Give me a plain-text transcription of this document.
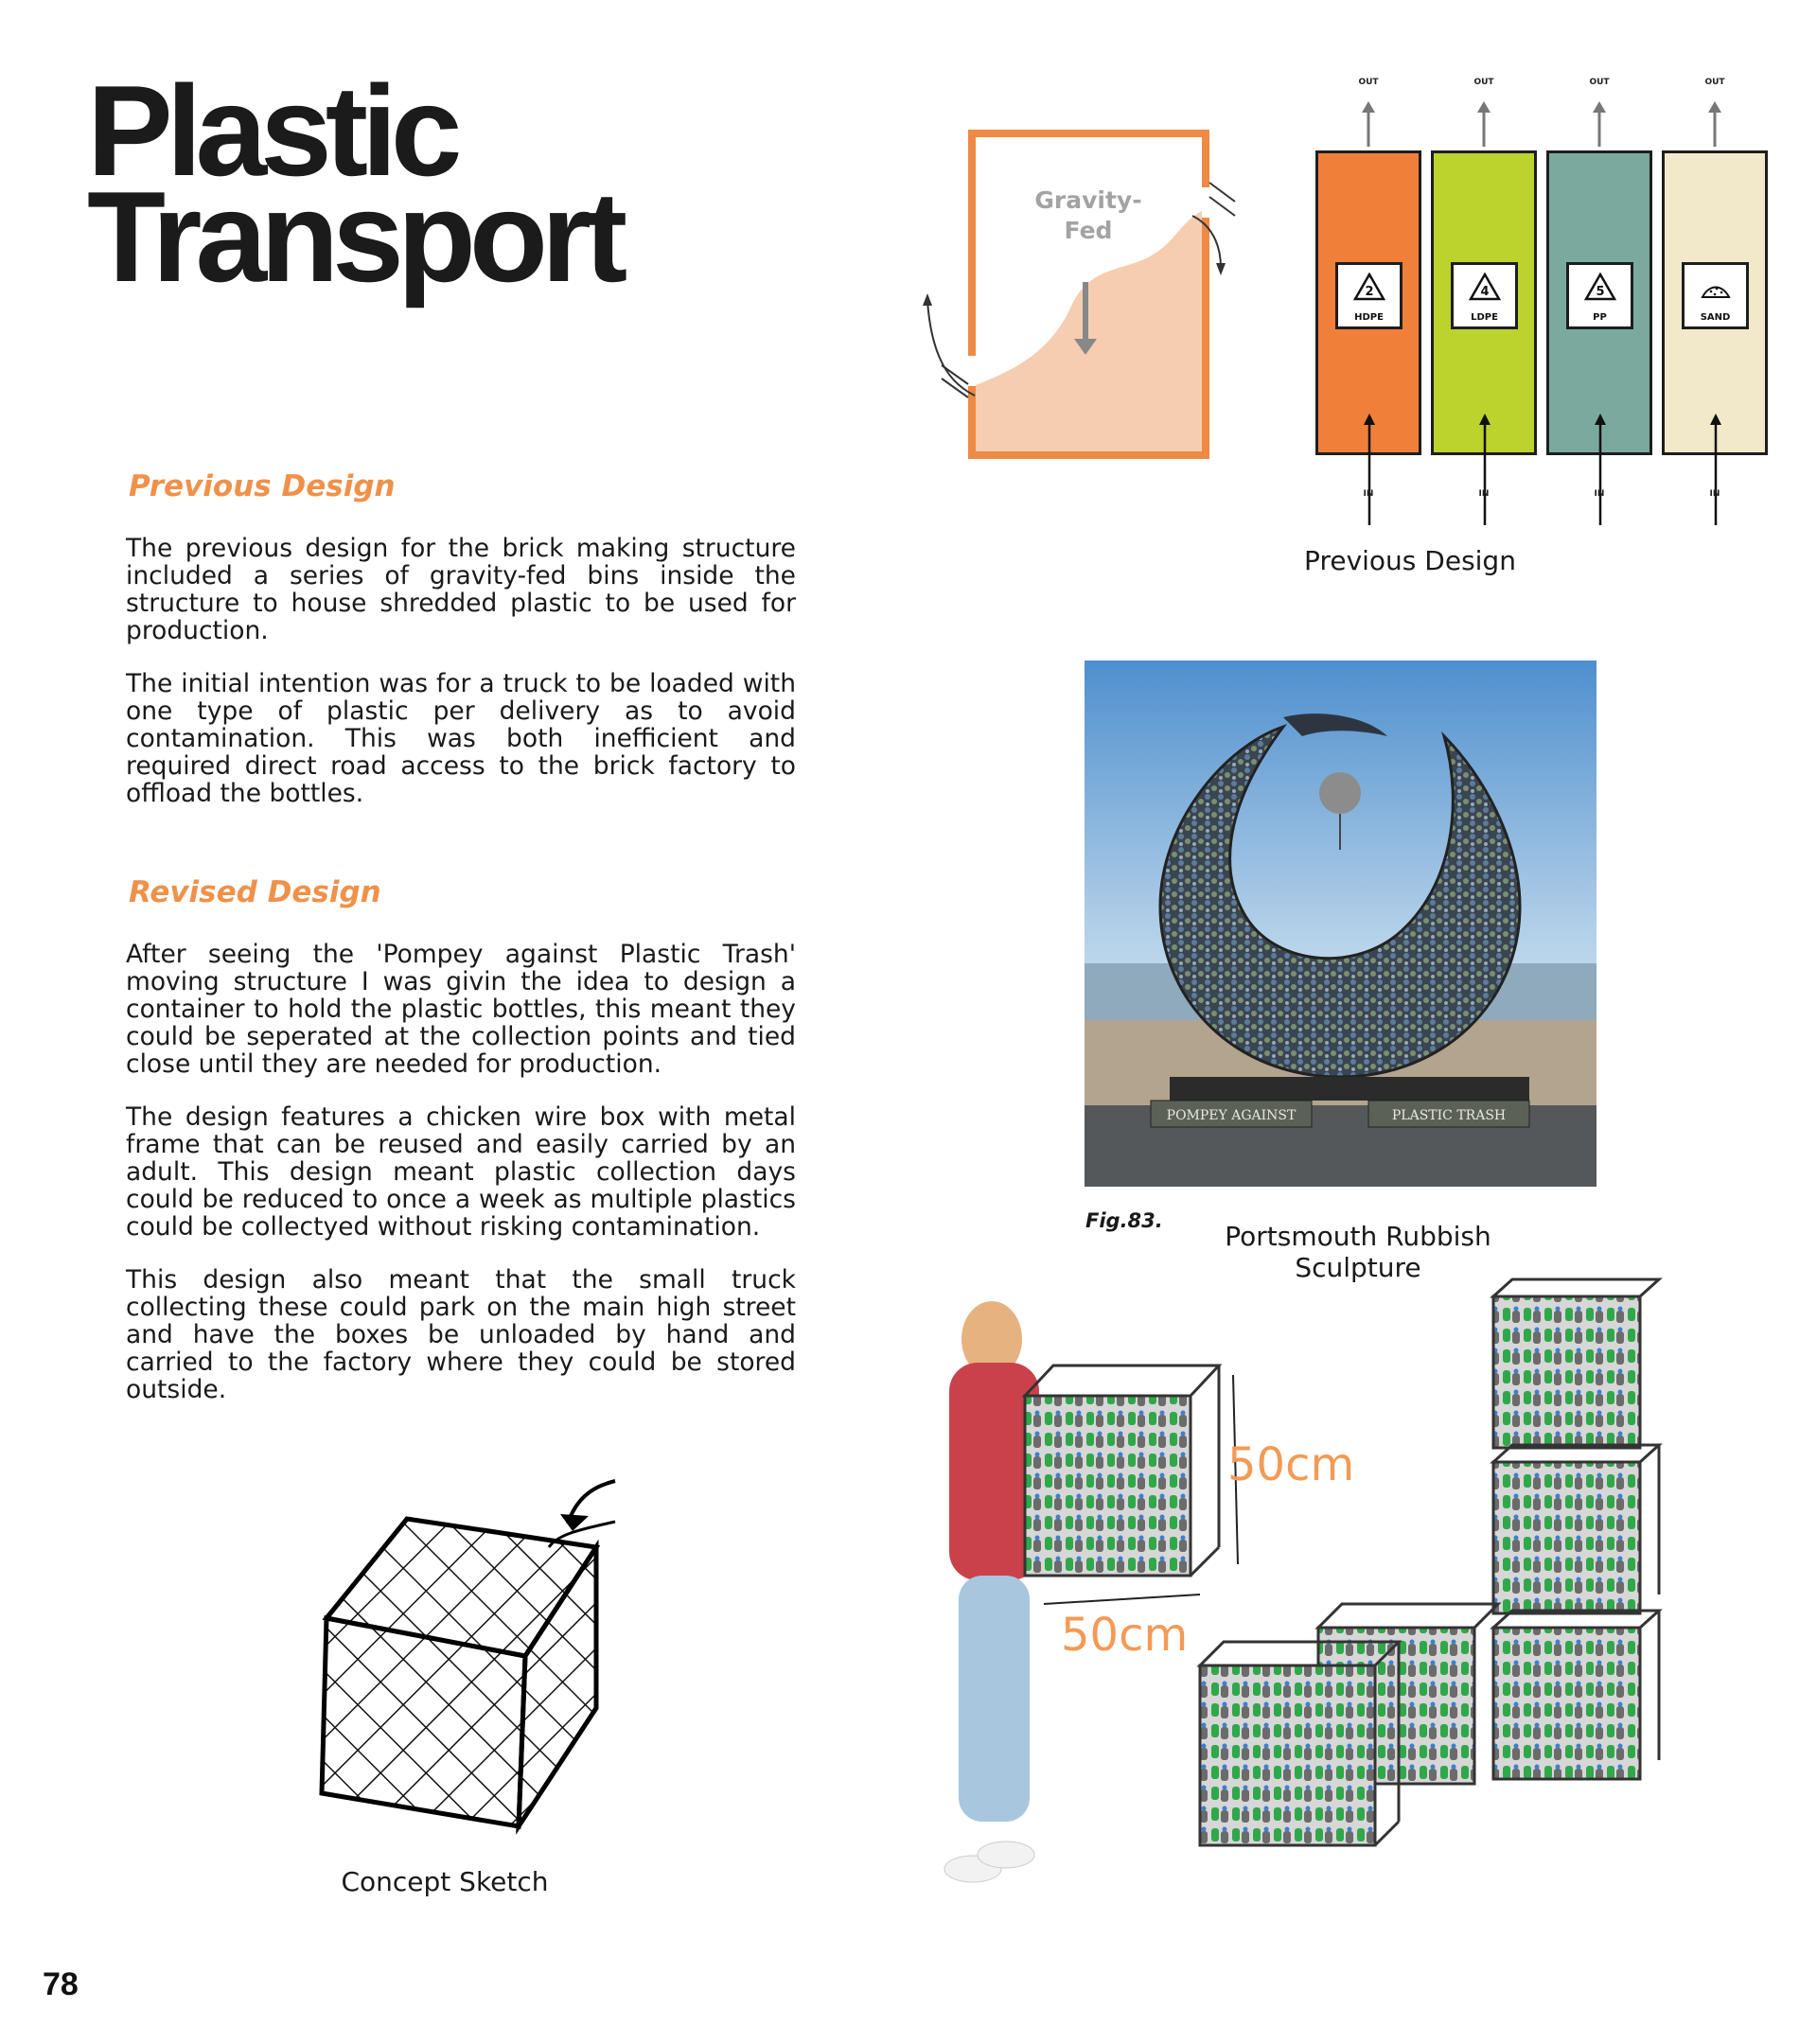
Plastic
Transport
Previous Design

The previous design for the brick making structure included a series of gravity-fed bins inside the structure to house shredded plastic to be used for production.

The initial intention was for a truck to be loaded with one type of plastic per delivery as to avoid contamination. This was both inefficient and required direct road access to the brick factory to offload the bottles.

Revised Design

After seeing the 'Pompey against Plastic Trash' moving structure I was givin the idea to design a container to hold the plastic bottles, this meant they could be seperated at the collection points and tied close until they are needed for production.

The design features a chicken wire box with metal frame that can be reused and easily carried by an adult. This design meant plastic collection days could be reduced to once a week as multiple plastics could be collectyed without risking contamination.

This design also meant that the small truck collecting these could park on the main high street and have the boxes be unloaded by hand and carried to the factory where they could be stored outside.

Gravity-
Fed
OUT
2
HDPE
IN
OUT
4
LDPE
IN
OUT
5
PP
IN
OUT
SAND
IN
Previous Design
POMPEY AGAINST	PLASTIC TRASH
Fig.83.	Portsmouth Rubbish
Sculpture
50cm
50cm
Concept Sketch
78
